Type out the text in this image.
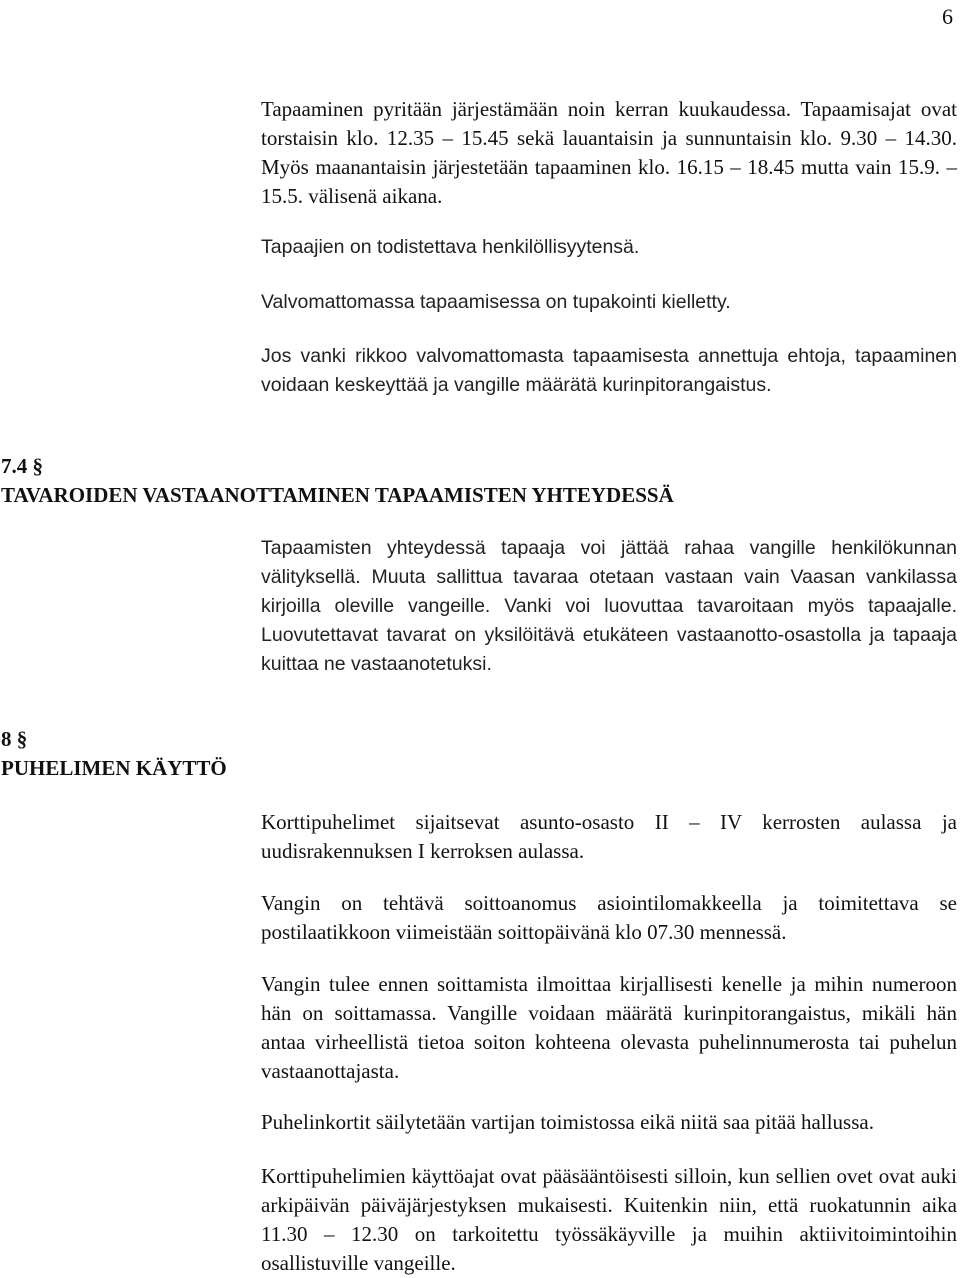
6

Tapaaminen pyritään järjestämään noin kerran kuukaudessa. Tapaamisajat ovat torstaisin klo. 12.35 – 15.45 sekä lauantaisin ja sunnuntaisin klo. 9.30 – 14.30. Myös maanantaisin järjestetään tapaaminen klo. 16.15 – 18.45 mutta vain 15.9. – 15.5. välisenä aikana.

Tapaajien on todistettava henkilöllisyytensä.

Valvomattomassa tapaamisessa on tupakointi kielletty.

Jos vanki rikkoo valvomattomasta tapaamisesta annettuja ehtoja, tapaaminen voidaan keskeyttää ja vangille määrätä kurinpitorangaistus.

7.4 §
TAVAROIDEN VASTAANOTTAMINEN TAPAAMISTEN YHTEYDESSÄ

Tapaamisten yhteydessä tapaaja voi jättää rahaa vangille henkilökunnan välityksellä. Muuta sallittua tavaraa otetaan vastaan vain Vaasan vankilassa kirjoilla oleville vangeille. Vanki voi luovuttaa tavaroitaan myös tapaajalle. Luovutettavat tavarat on yksilöitävä etukäteen vastaanotto-osastolla ja tapaaja kuittaa ne vastaanotetuksi.

8 §
PUHELIMEN KÄYTTÖ

Korttipuhelimet sijaitsevat asunto-osasto II – IV kerrosten aulassa ja uudisrakennuksen I kerroksen aulassa.

Vangin on tehtävä soittoanomus asiointilomakkeella ja toimitettava se postilaatikkoon viimeistään soittopäivänä klo 07.30 mennessä.

Vangin tulee ennen soittamista ilmoittaa kirjallisesti kenelle ja mihin numeroon hän on soittamassa. Vangille voidaan määrätä kurinpitorangaistus, mikäli hän antaa virheellistä tietoa soiton kohteena olevasta puhelinnumerosta tai puhelun vastaanottajasta.

Puhelinkortit säilytetään vartijan toimistossa eikä niitä saa pitää hallussa.

Korttipuhelimien käyttöajat ovat pääsääntöisesti silloin, kun sellien ovet ovat auki arkipäivän päiväjärjestyksen mukaisesti. Kuitenkin niin, että ruokatunnin aika 11.30 – 12.30 on tarkoitettu työssäkäyville ja muihin aktiivitoimintoihin osallistuville vangeille.
